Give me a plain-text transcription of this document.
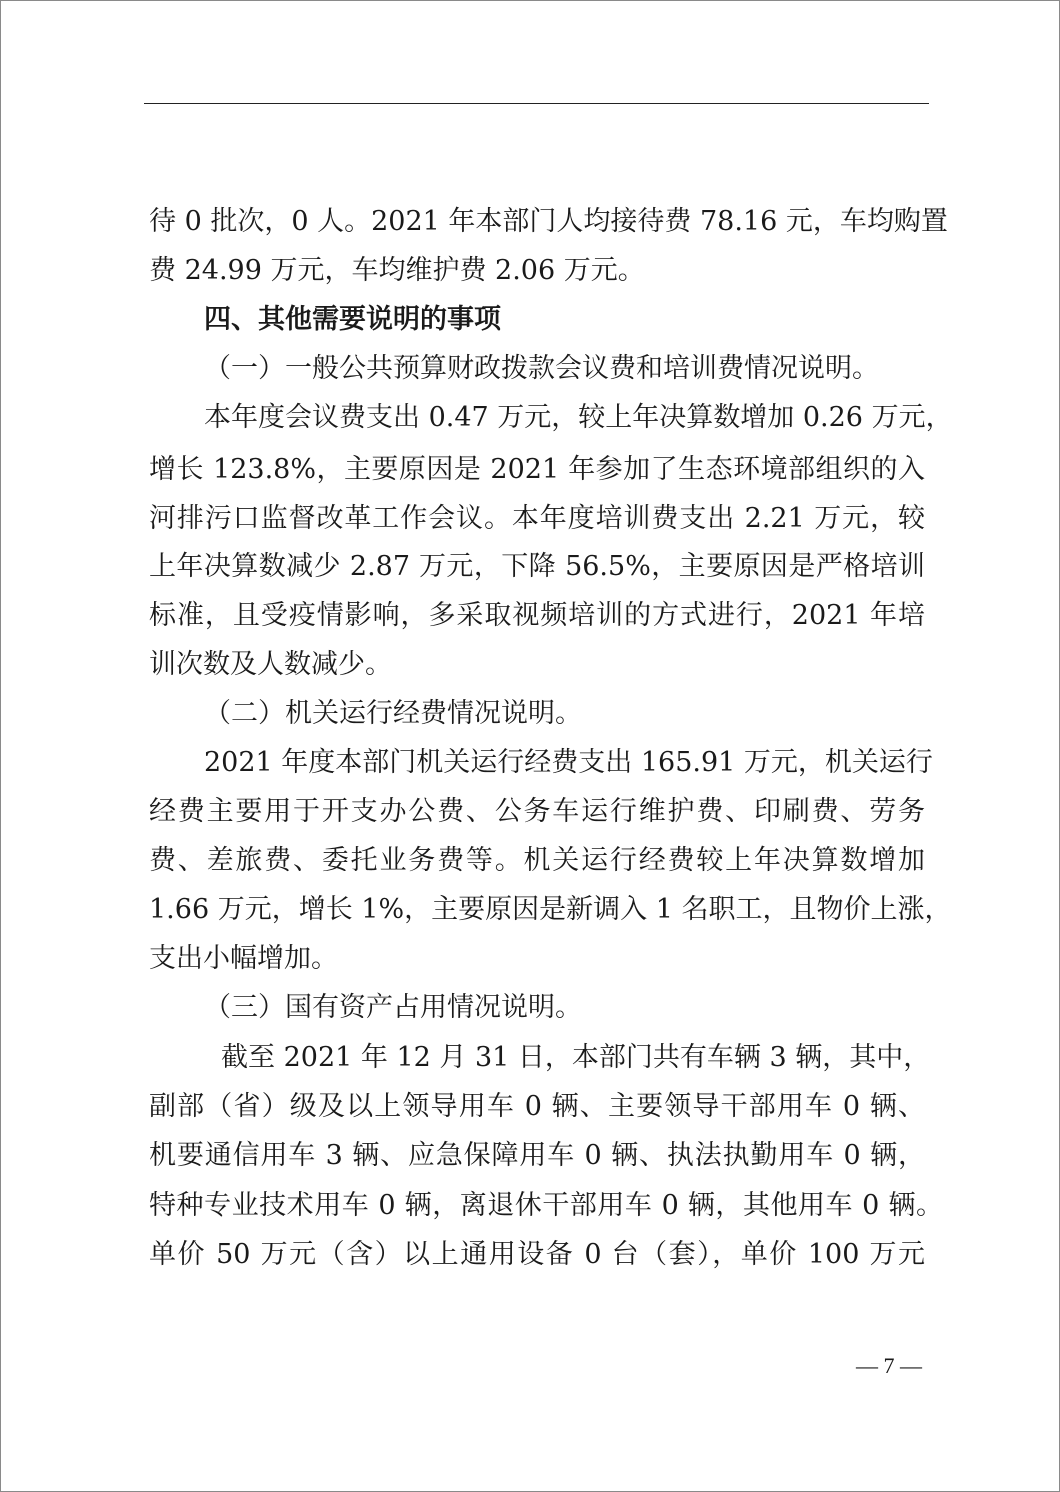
待 0 批次，0 人。2021 年本部门人均接待费 78.16 元，车均购置
费 24.99 万元，车均维护费 2.06 万元。
四、其他需要说明的事项
（一）一般公共预算财政拨款会议费和培训费情况说明。
本年度会议费支出 0.47 万元，较上年决算数增加 0.26 万元，
增长 123.8%，主要原因是 2021 年参加了生态环境部组织的入
河排污口监督改革工作会议。本年度培训费支出 2.21 万元，较
上年决算数减少 2.87 万元，下降 56.5%，主要原因是严格培训
标准，且受疫情影响，多采取视频培训的方式进行，2021 年培
训次数及人数减少。
（二）机关运行经费情况说明。
2021 年度本部门机关运行经费支出 165.91 万元，机关运行
经费主要用于开支办公费、公务车运行维护费、印刷费、劳务
费、差旅费、委托业务费等。机关运行经费较上年决算数增加
1.66 万元，增长 1%，主要原因是新调入 1 名职工，且物价上涨，
支出小幅增加。
（三）国有资产占用情况说明。
截至 2021 年 12 月 31 日，本部门共有车辆 3 辆，其中，
副部（省）级及以上领导用车 0 辆、主要领导干部用车 0 辆、
机要通信用车 3 辆、应急保障用车 0 辆、执法执勤用车 0 辆，
特种专业技术用车 0 辆，离退休干部用车 0 辆，其他用车 0 辆。
单价 50 万元（含）以上通用设备 0 台（套），单价 100 万元
— 7 —
